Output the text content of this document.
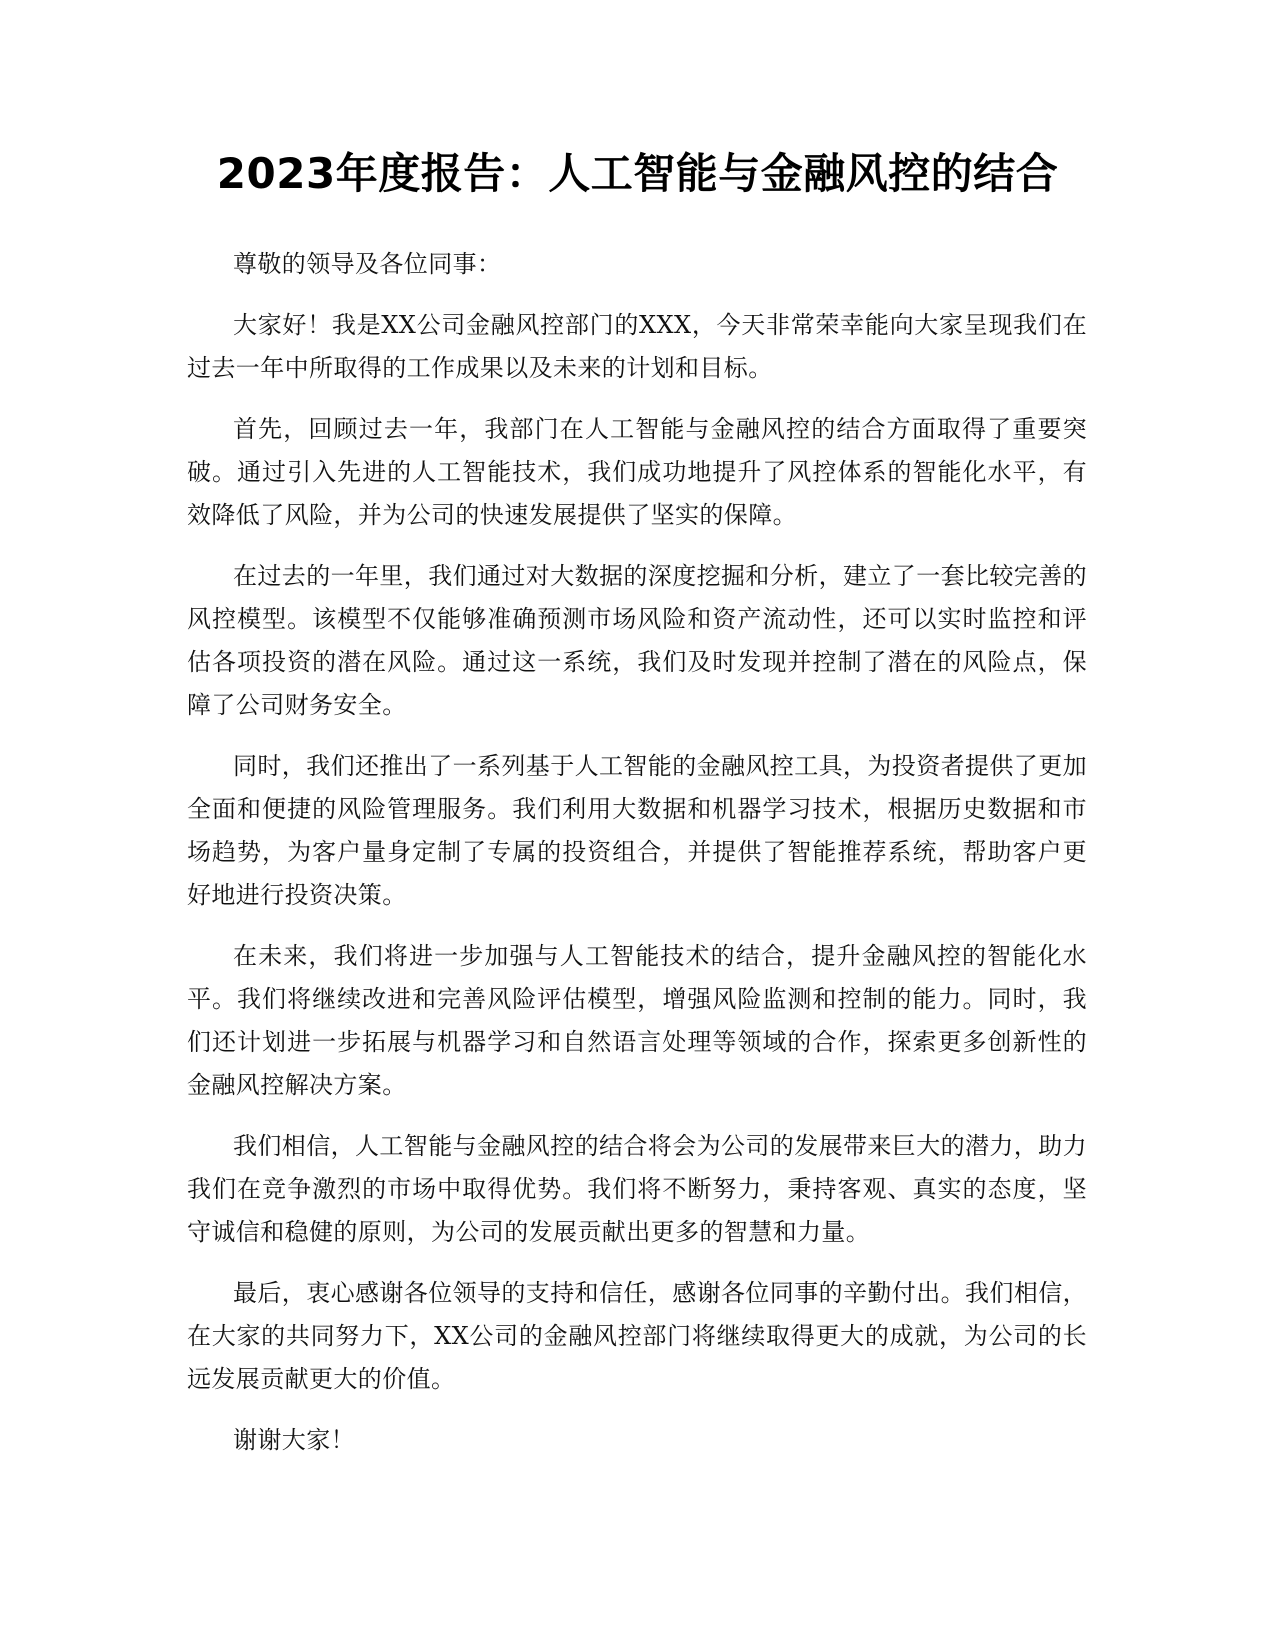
2023年度报告：人工智能与金融风控的结合

尊敬的领导及各位同事：

大家好！我是XX公司金融风控部门的XXX，今天非常荣幸能向大家呈现我们在过去一年中所取得的工作成果以及未来的计划和目标。

首先，回顾过去一年，我部门在人工智能与金融风控的结合方面取得了重要突破。通过引入先进的人工智能技术，我们成功地提升了风控体系的智能化水平，有效降低了风险，并为公司的快速发展提供了坚实的保障。

在过去的一年里，我们通过对大数据的深度挖掘和分析，建立了一套比较完善的风控模型。该模型不仅能够准确预测市场风险和资产流动性，还可以实时监控和评估各项投资的潜在风险。通过这一系统，我们及时发现并控制了潜在的风险点，保障了公司财务安全。

同时，我们还推出了一系列基于人工智能的金融风控工具，为投资者提供了更加全面和便捷的风险管理服务。我们利用大数据和机器学习技术，根据历史数据和市场趋势，为客户量身定制了专属的投资组合，并提供了智能推荐系统，帮助客户更好地进行投资决策。

在未来，我们将进一步加强与人工智能技术的结合，提升金融风控的智能化水平。我们将继续改进和完善风险评估模型，增强风险监测和控制的能力。同时，我们还计划进一步拓展与机器学习和自然语言处理等领域的合作，探索更多创新性的金融风控解决方案。

我们相信，人工智能与金融风控的结合将会为公司的发展带来巨大的潜力，助力我们在竞争激烈的市场中取得优势。我们将不断努力，秉持客观、真实的态度，坚守诚信和稳健的原则，为公司的发展贡献出更多的智慧和力量。

最后，衷心感谢各位领导的支持和信任，感谢各位同事的辛勤付出。我们相信，在大家的共同努力下，XX公司的金融风控部门将继续取得更大的成就，为公司的长远发展贡献更大的价值。

谢谢大家！
